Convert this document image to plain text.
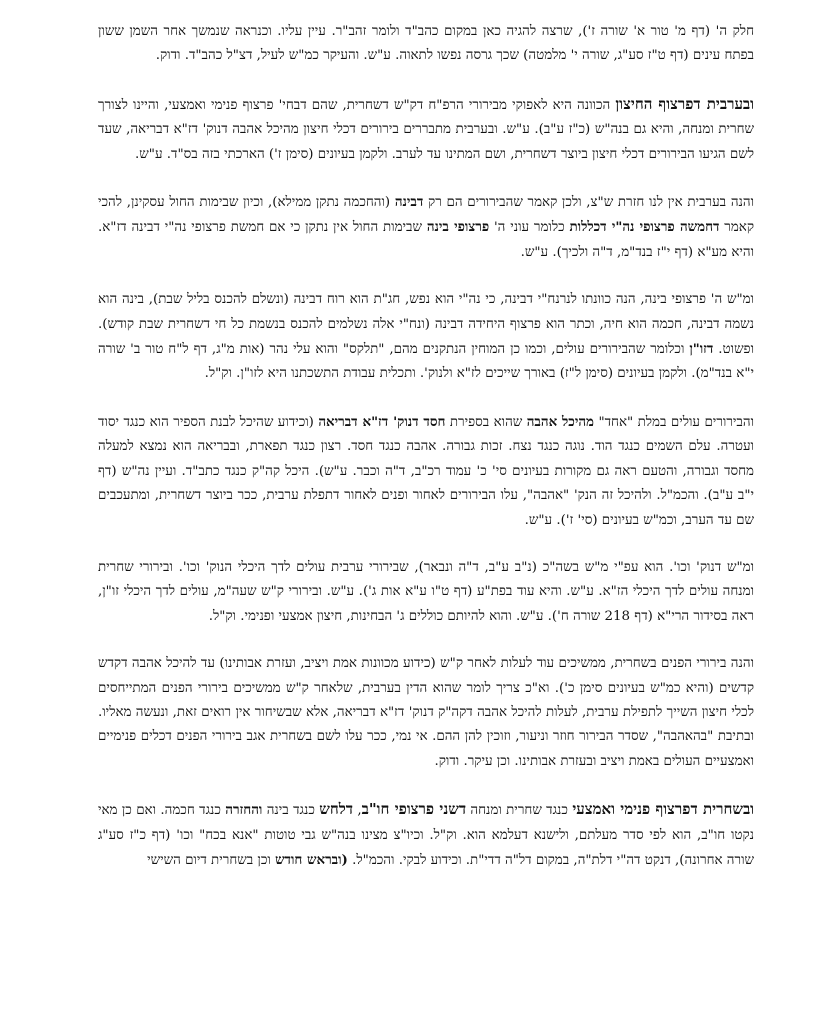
חלק ה' (דף מ' טור א' שורה ז'), שרצה להגיה כאן במקום כהב"ד ולומר זהב"ר. עיין עליו. וכנראה שנמשך אחר השמן ששון בפתח עינים (דף ט"ז סע"ג, שורה י' מלמטה) שכך גרסה נפשו לתאוה. ע"ש. והעיקר כמ"ש לעיל, דצ"ל כהב"ד. ודוק.

ובערבית דפרצוף החיצון הכוונה היא לאפוקי מבירורי הרפ"ח דק"ש דשחרית, שהם דבחי' פרצוף פנימי ואמצעי, והיינו לצורך שחרית ומנחה, והיא גם בנה"ש (כ"ז ע"ב). ע"ש. ובערבית מתבררים בירורים דכלי חיצון מהיכל אהבה דנוק' דז"א דבריאה, שעד לשם הגיעו הבירורים דכלי חיצון ביוצר דשחרית, ושם המתינו עד לערב. ולקמן בעיונים (סימן ז') הארכתי בזה בס"ד. ע"ש.

והנה בערבית אין לנו חזרת ש"צ, ולכן קאמר שהבירורים הם רק דבינה (והחכמה נתקן ממילא), וכיון שבימות החול עסקינן, להכי קאמר דחמשה פרצופי נה"י דכללות כלומר עוני ה' פרצופי בינה שבימות החול אין נתקן כי אם חמשת פרצופי נה"י דבינה דז"א. והיא מע"א (דף י"ז בנד"מ, ד"ה ולכיך). ע"ש.

ומ"ש ה' פרצופי בינה, הנה כוונתו לנרנח"י דבינה, כי נה"י הוא נפש, חג"ת הוא רוח דבינה (ונשלם להכנס בליל שבת), בינה הוא נשמה דבינה, חכמה הוא חיה, וכתר הוא פרצוף היחידה דבינה (ונח"י אלה נשלמים להכנס בנשמת כל חי דשחרית שבת קודש). ופשוט. דזו"ן וכלומר שהבירורים עולים, וכמו כן המוחין הנתקנים מהם, "תלקס" והוא עלי נהר (אות מ"ג, דף ל"ח טור ב' שורה י"א בנד"מ). ולקמן בעיונים (סימן ל"ז) באורך שייכים לז"א ולנוק'. ותכלית עבודת התשכתנו היא לזו"ן. וק"ל.

והבירורים עולים במלת "אחד" מהיכל אהבה שהוא בספירת חסד דנוק' דז"א דבריאה (וכידוע שהיכל לבנת הספיר הוא כנגד יסוד ועטרה. עלם השמים כנגד הוד. נוגה כנגד נצח. זכות גבורה. אהבה כנגד חסד. רצון כנגד תפארת, ובבריאה הוא נמצא למעלה מחסד וגבורה, והטעם ראה גם מקורות בעיונים סי' כ' עמוד רכ"ב, ד"ה וכבר. ע"ש). היכל קה"ק כנגד כתב"ד. ועיין נה"ש (דף י"ב ע"ב). והכמ"ל. ולהיכל זה הנק' "אהבה", עלו הבירורים לאחור ופנים לאחור דתפלת ערבית, ככר ביוצר דשחרית, ומתעכבים שם עד הערב, וכמ"ש בעיונים (סי' ז'). ע"ש.

ומ"ש דנוק' וכו'. הוא עפ"י מ"ש בשה"כ (נ"ב ע"ב, ד"ה ונבאר), שבירורי ערבית עולים לדך היכלי הנוק' וכו'. ובירורי שחרית ומנחה עולים לדך היכלי הז"א. ע"ש. והיא עוד בפת"ע (דף ט"ו ע"א אות ג'). ע"ש. ובירורי ק"ש שעה"מ, עולים לדך היכלי זו"ן, ראה בסידור הרי"א (דף 218 שורה ח'). ע"ש. והוא להיותם כוללים ג' הבחינות, חיצון אמצעי ופנימי. וק"ל.

והנה בירורי הפנים בשחרית, ממשיכים עוד לעלות לאחר ק"ש (כידוע מכוונות אמת ויציב, ועזרת אבותינו) עד להיכל אהבה דקדש קדשים (והיא כמ"ש בעיונים סימן כ'). וא"כ צריך לומר שהוא הדין בערבית, שלאחר ק"ש ממשיכים בירורי הפנים המתייחסים לכלי חיצון השייך לתפילת ערבית, לעלות להיכל אהבה דקה"ק דנוק' דז"א דבריאה, אלא שבשיחור אין רואים זאת, ונעשה מאליו. ובתיבת "בהאהבה", שסדר הבירור חוזר וניעור, וזוכין להן ההם. אי נמי, ככר עלו לשם בשחרית אגב בירורי הפנים דכלים פנימיים ואמצעיים העולים באמת ויציב ובעזרת אבותינו. וכן עיקר. ודוק.

ובשחרית דפרצוף פנימי ואמצעי כנגד שחרית ומנחה דשני פרצופי חו"ב, דלחש כנגד בינה והחזרה כנגד חכמה. ואם כן מאי נקטו חו"ב, הוא לפי סדר מעלתם, ולישנא דעלמא הוא. וק"ל. וכיו"צ מצינו בנה"ש גבי טוטות "אנא בכח" וכו' (דף כ"ז סע"ג שורה אחרונה), דנקט דה"י דלת"ה, במקום דל"ה דדי"ת. וכידוע לבקי. והכמ"ל. (ובראש חודש וכן בשחרית דיום השישי
